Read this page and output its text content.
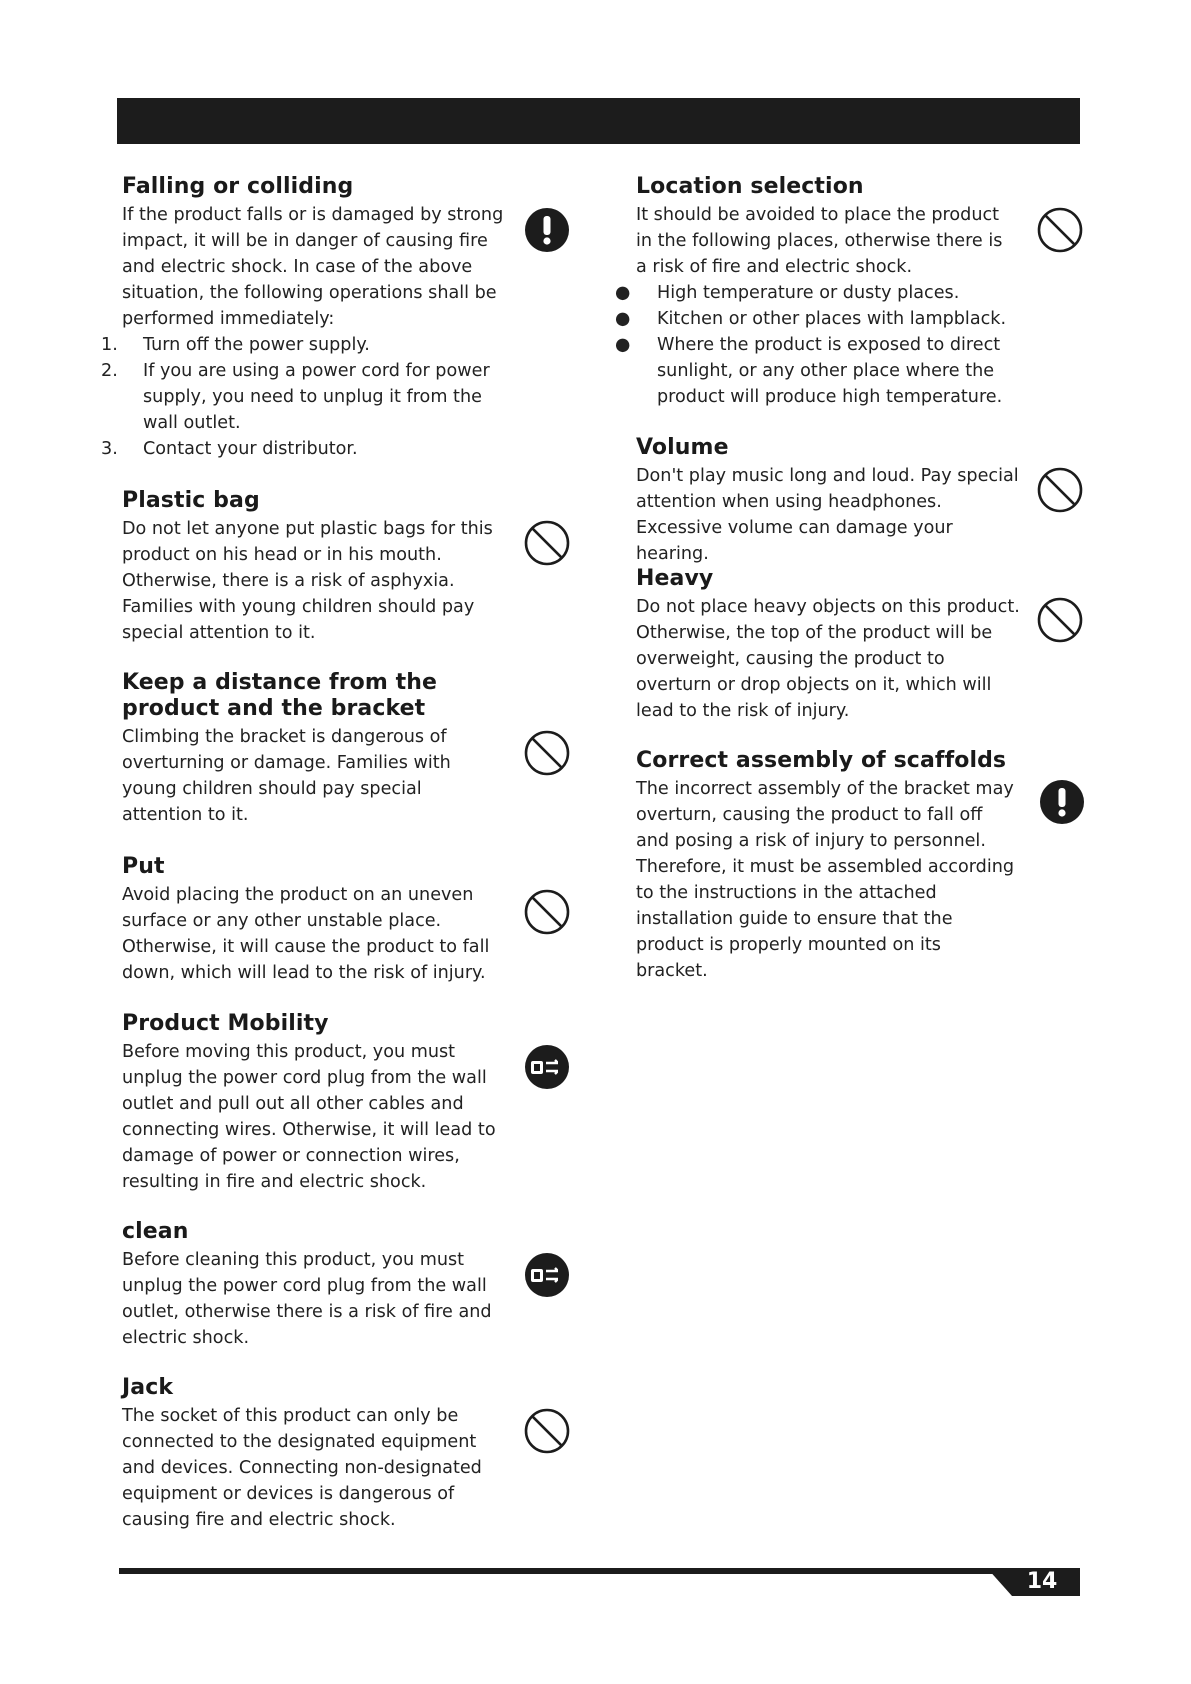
Falling or colliding

If the product falls or is damaged by strong impact, it will be in danger of causing fire and electric shock. In case of the above situation, the following operations shall be performed immediately:

1. Turn off the power supply.
2. If you are using a power cord for power supply, you need to unplug it from the wall outlet.
3. Contact your distributor.
Plastic bag

Do not let anyone put plastic bags for this product on his head or in his mouth. Otherwise, there is a risk of asphyxia. Families with young children should pay special attention to it.

Keep a distance from the product and the bracket

Climbing the bracket is dangerous of overturning or damage. Families with young children should pay special attention to it.

Put

Avoid placing the product on an uneven surface or any other unstable place. Otherwise, it will cause the product to fall down, which will lead to the risk of injury.

Product Mobility

Before moving this product, you must unplug the power cord plug from the wall outlet and pull out all other cables and connecting wires. Otherwise, it will lead to damage of power or connection wires, resulting in fire and electric shock.

clean

Before cleaning this product, you must unplug the power cord plug from the wall outlet, otherwise there is a risk of fire and electric shock.

Jack

The socket of this product can only be connected to the designated equipment and devices. Connecting non-designated equipment or devices is dangerous of causing fire and electric shock.

Location selection

It should be avoided to place the product in the following places, otherwise there is a risk of fire and electric shock.

● High temperature or dusty places.
● Kitchen or other places with lampblack.
● Where the product is exposed to direct sunlight, or any other place where the product will produce high temperature.
Volume

Don't play music long and loud. Pay special attention when using headphones. Excessive volume can damage your hearing.

Heavy

Do not place heavy objects on this product. Otherwise, the top of the product will be overweight, causing the product to overturn or drop objects on it, which will lead to the risk of injury.

Correct assembly of scaffolds

The incorrect assembly of the bracket may overturn, causing the product to fall off and posing a risk of injury to personnel. Therefore, it must be assembled according to the instructions in the attached installation guide to ensure that the product is properly mounted on its bracket.

14
